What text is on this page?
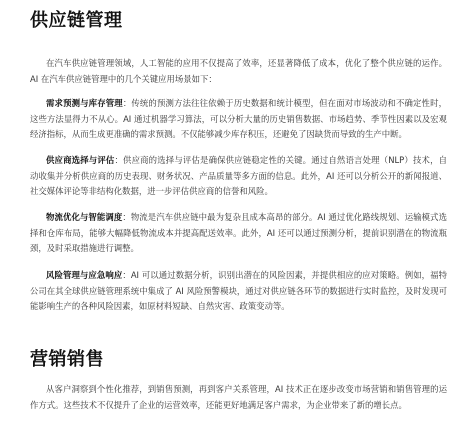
供应链管理

在汽车供应链管理领域，人工智能的应用不仅提高了效率，还显著降低了成本，优化了整个供应链的运作。AI 在汽车供应链管理中的几个关键应用场景如下：

需求预测与库存管理：传统的预测方法往往依赖于历史数据和统计模型，但在面对市场波动和不确定性时，这些方法显得力不从心。AI 通过机器学习算法，可以分析大量的历史销售数据、市场趋势、季节性因素以及宏观经济指标，从而生成更准确的需求预测。不仅能够减少库存积压，还避免了因缺货而导致的生产中断。

供应商选择与评估：供应商的选择与评估是确保供应链稳定性的关键。通过自然语言处理（NLP）技术，自动收集并分析供应商的历史表现、财务状况、产品质量等多方面的信息。此外，AI 还可以分析公开的新闻报道、社交媒体评论等非结构化数据，进一步评估供应商的信誉和风险。

物流优化与智能调度：物流是汽车供应链中最为复杂且成本高昂的部分。AI 通过优化路线规划、运输模式选择和仓库布局，能够大幅降低物流成本并提高配送效率。此外，AI 还可以通过预测分析，提前识别潜在的物流瓶颈，及时采取措施进行调整。

风险管理与应急响应：AI 可以通过数据分析，识别出潜在的风险因素，并提供相应的应对策略。例如，福特公司在其全球供应链管理系统中集成了 AI 风险预警模块，通过对供应链各环节的数据进行实时监控，及时发现可能影响生产的各种风险因素，如原材料短缺、自然灾害、政策变动等。

营销销售

从客户洞察到个性化推荐，到销售预测，再到客户关系管理，AI 技术正在逐步改变市场营销和销售管理的运作方式。这些技术不仅提升了企业的运营效率，还能更好地满足客户需求，为企业带来了新的增长点。
